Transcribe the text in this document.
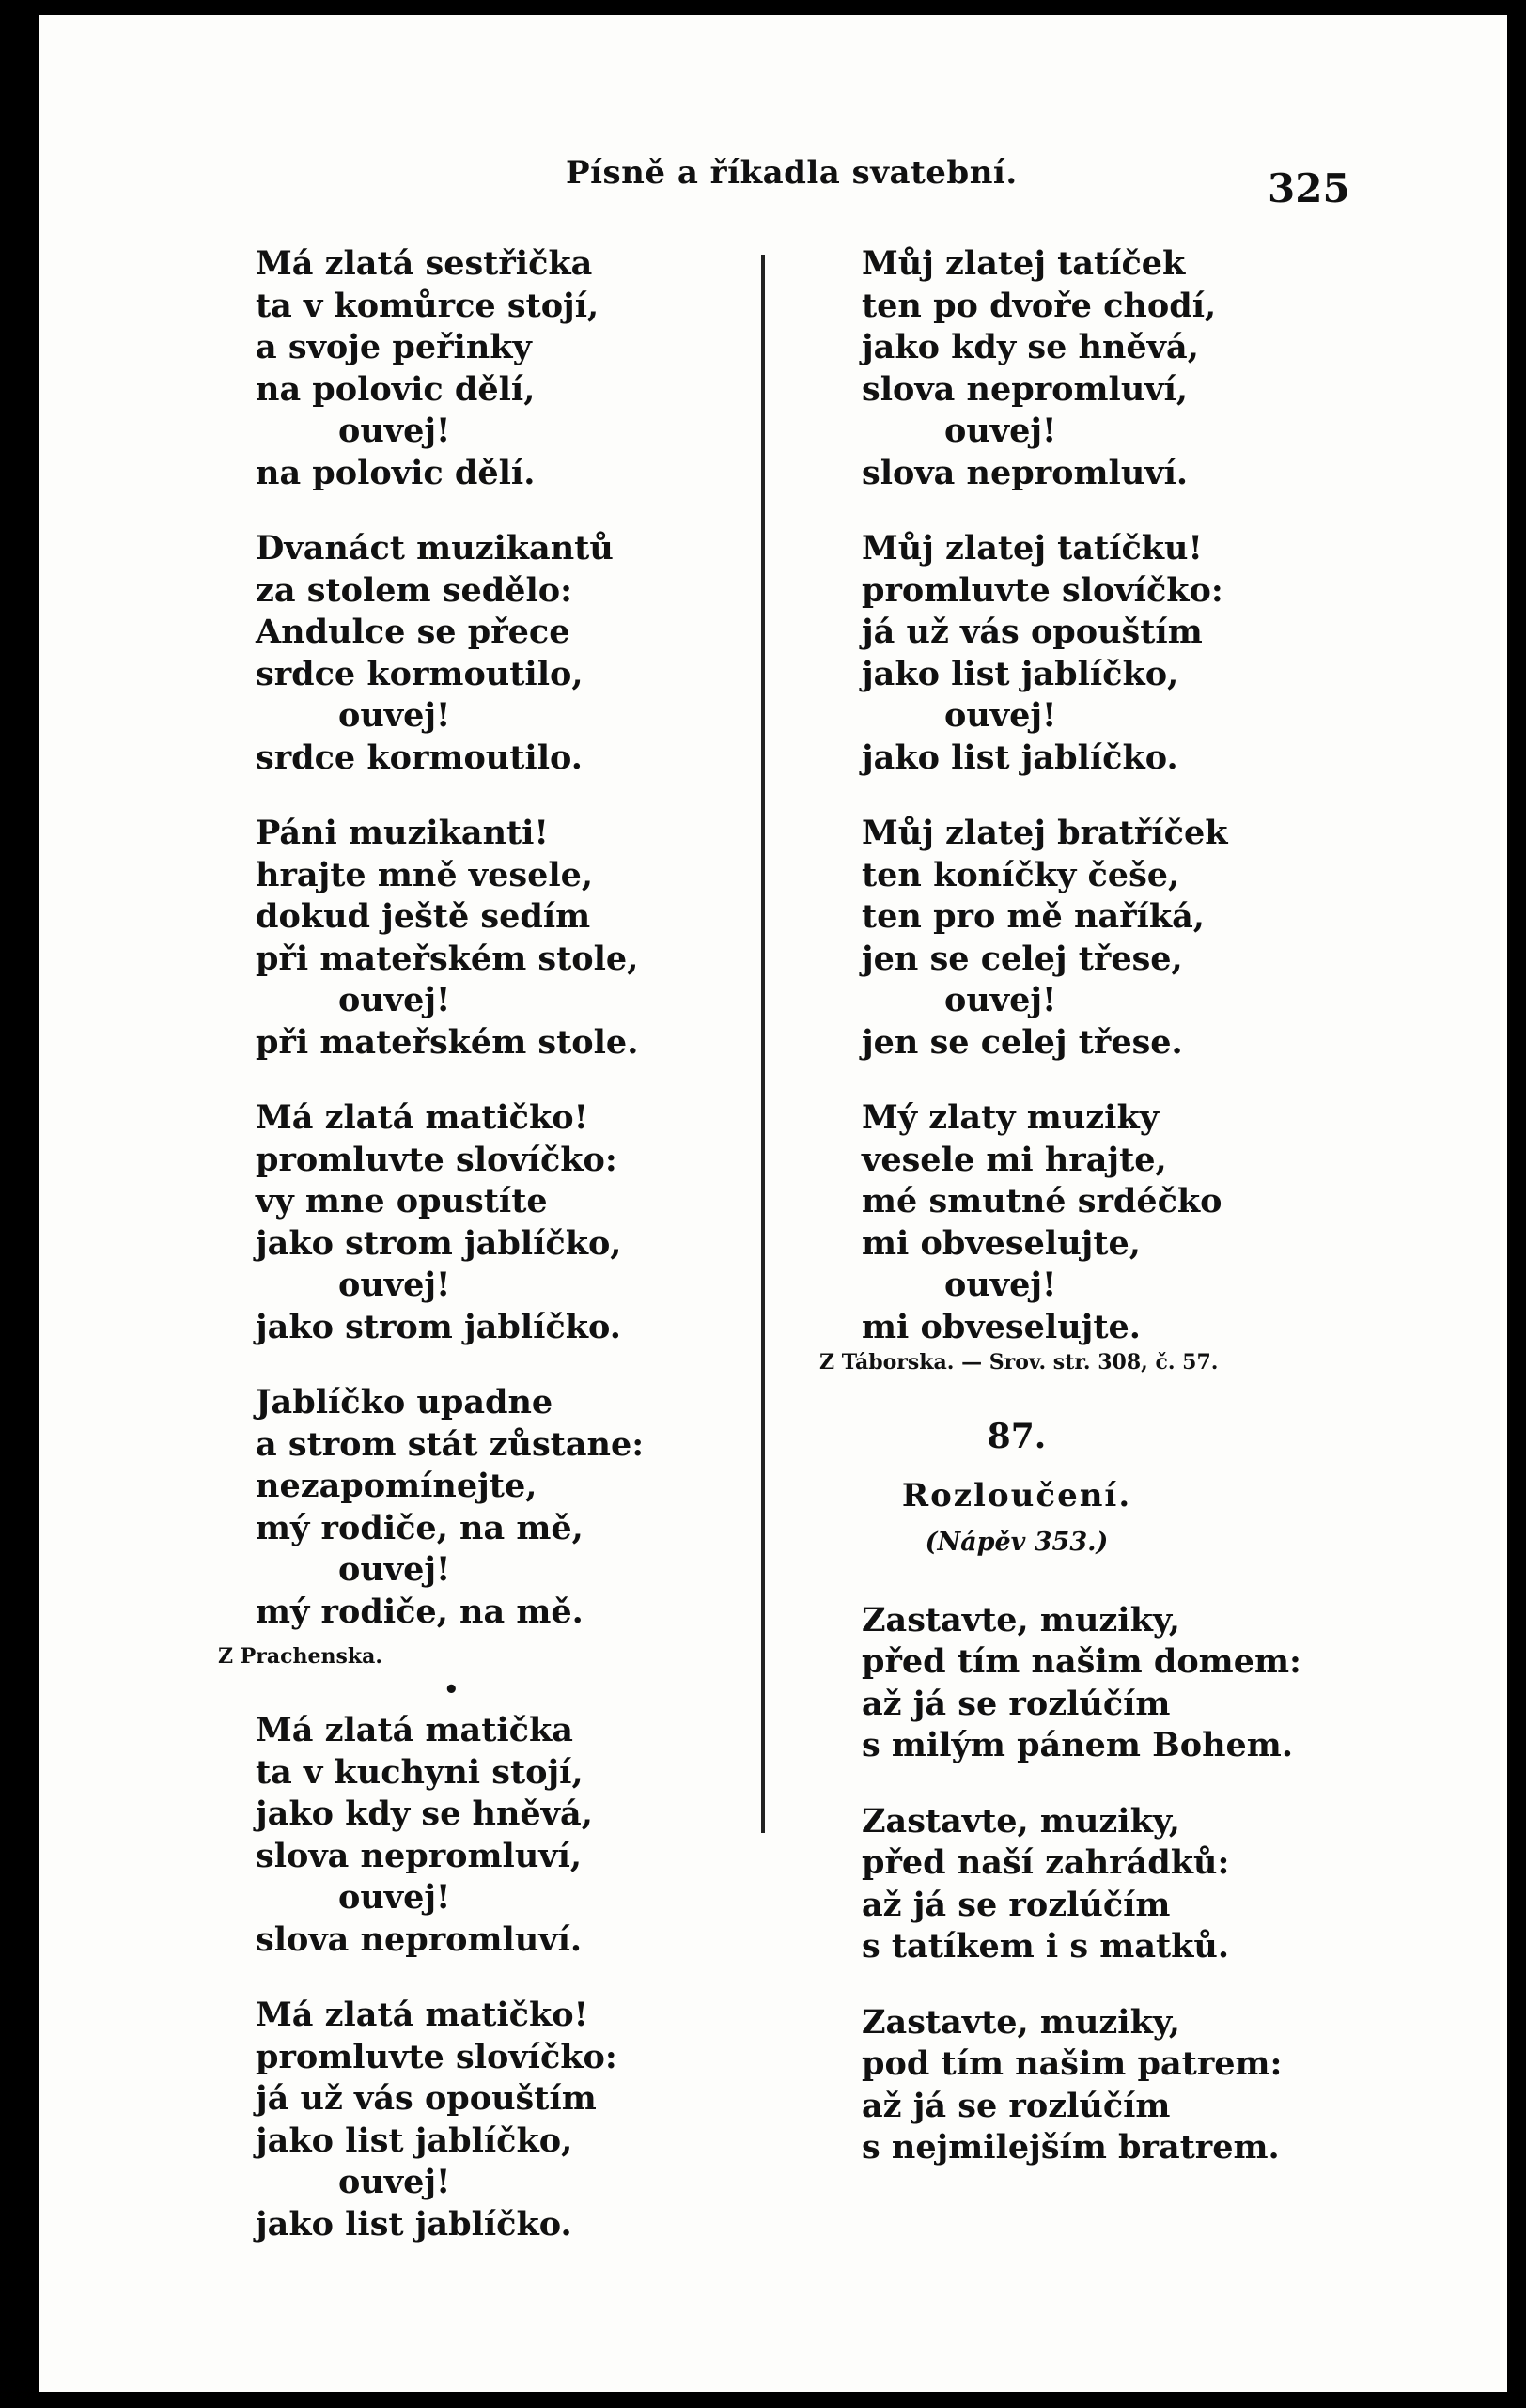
Písně a říkadla svatební.	325
Má zlatá sestřička
ta v komůrce stojí,
a svoje peřinky
na polovic dělí,
ouvej!
na polovic dělí.
Dvanáct muzikantů
za stolem sedělo:
Andulce se přece
srdce kormoutilo,
ouvej!
srdce kormoutilo.
Páni muzikanti!
hrajte mně vesele,
dokud ještě sedím
při mateřském stole,
ouvej!
při mateřském stole.
Má zlatá matičko!
promluvte slovíčko:
vy mne opustíte
jako strom jablíčko,
ouvej!
jako strom jablíčko.
Jablíčko upadne
a strom stát zůstane:
nezapomínejte,
mý rodiče, na mě,
ouvej!
mý rodiče, na mě.
Z Prachenska.
•
Má zlatá matička
ta v kuchyni stojí,
jako kdy se hněvá,
slova nepromluví,
ouvej!
slova nepromluví.
Má zlatá matičko!
promluvte slovíčko:
já už vás opouštím
jako list jablíčko,
ouvej!
jako list jablíčko.
Můj zlatej tatíček
ten po dvoře chodí,
jako kdy se hněvá,
slova nepromluví,
ouvej!
slova nepromluví.
Můj zlatej tatíčku!
promluvte slovíčko:
já už vás opouštím
jako list jablíčko,
ouvej!
jako list jablíčko.
Můj zlatej bratříček
ten koníčky češe,
ten pro mě naříká,
jen se celej třese,
ouvej!
jen se celej třese.
Mý zlaty muziky
vesele mi hrajte,
mé smutné srdéčko
mi obveselujte,
ouvej!
mi obveselujte.
Z Táborska. — Srov. str. 308, č. 57.
87.
Rozloučení.
(Nápěv 353.)
Zastavte, muziky,
před tím našim domem:
až já se rozlúčím
s milým pánem Bohem.
Zastavte, muziky,
před naší zahrádků:
až já se rozlúčím
s tatíkem i s matků.
Zastavte, muziky,
pod tím našim patrem:
až já se rozlúčím
s nejmilejším bratrem.
